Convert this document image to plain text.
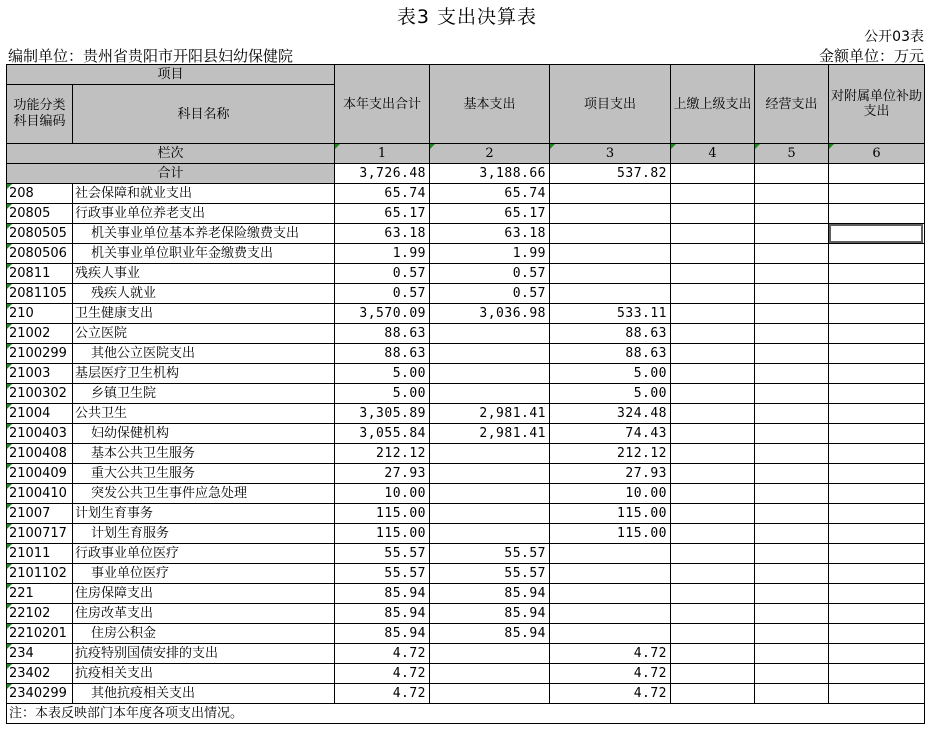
表3 支出决算表
公开03表
编制单位：贵州省贵阳市开阳县妇幼保健院	金额单位：万元
项目		本年支出合计	基本支出	项目支出	上缴上级支出	经营支出	对附属单位补助支出
功能分类科目编码	科目名称						

栏次		1	2	3	4	5	6
合计		3,726.48	3,188.66	537.82			
208	社会保障和就业支出	65.74	65.74				
20805	行政事业单位养老支出	65.17	65.17				
2080505	机关事业单位基本养老保险缴费支出	63.18	63.18				
2080506	机关事业单位职业年金缴费支出	1.99	1.99				
20811	残疾人事业	0.57	0.57				
2081105	残疾人就业	0.57	0.57				
210	卫生健康支出	3,570.09	3,036.98	533.11			
21002	公立医院	88.63		88.63			
2100299	其他公立医院支出	88.63		88.63			
21003	基层医疗卫生机构	5.00		5.00			
2100302	乡镇卫生院	5.00		5.00			
21004	公共卫生	3,305.89	2,981.41	324.48			
2100403	妇幼保健机构	3,055.84	2,981.41	74.43			
2100408	基本公共卫生服务	212.12		212.12			
2100409	重大公共卫生服务	27.93		27.93			
2100410	突发公共卫生事件应急处理	10.00		10.00			
21007	计划生育事务	115.00		115.00			
2100717	计划生育服务	115.00		115.00			
21011	行政事业单位医疗	55.57	55.57				
2101102	事业单位医疗	55.57	55.57				
221	住房保障支出	85.94	85.94				
22102	住房改革支出	85.94	85.94				
2210201	住房公积金	85.94	85.94				
234	抗疫特别国债安排的支出	4.72		4.72			
23402	抗疫相关支出	4.72		4.72			
2340299	其他抗疫相关支出	4.72		4.72			
注：本表反映部门本年度各项支出情况。							
